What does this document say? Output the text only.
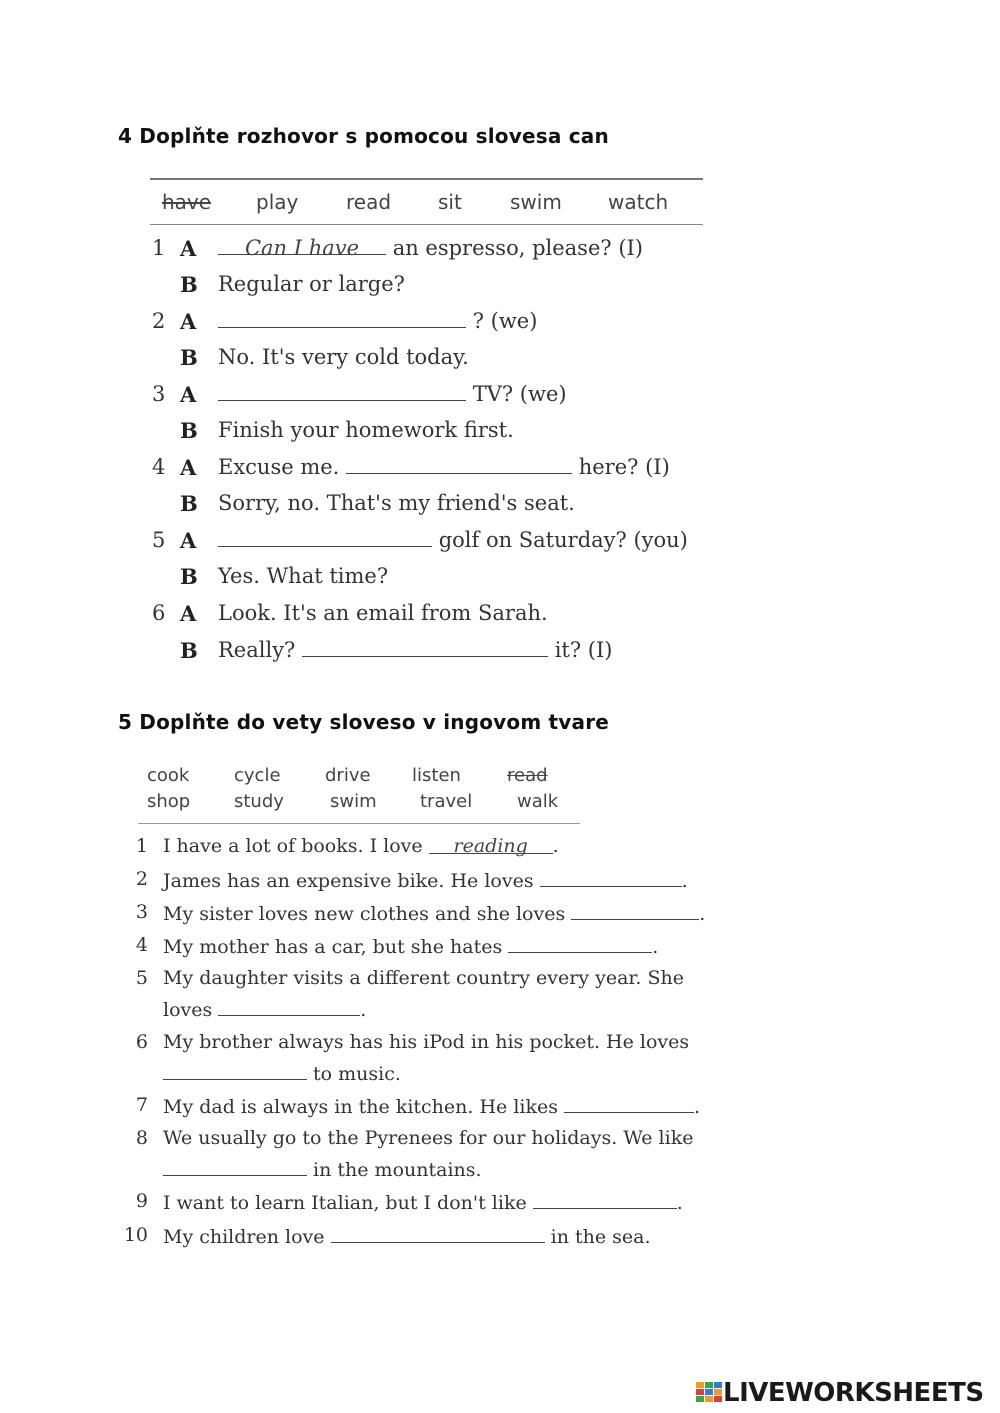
4 Doplňte rozhovor s pomocou slovesa can
have play read sit swim watch
1 A	Can I have an espresso, please? (I)
B Regular or large?
2 A	? (we)
B No. It's very cold today.
3 A	TV? (we)
B Finish your homework first.
4 A Excuse me.	here? (I)
B Sorry, no. That's my friend's seat.
5 A	golf on Saturday? (you)
B Yes. What time?
6 A Look. It's an email from Sarah.
B Really?	it? (I)
5 Doplňte do vety sloveso v ingovom tvare
cook cycle drive listen	read
shop study	swim travel walk
1 I have a lot of books. I love reading .
2 James has an expensive bike. He loves	.
3 My sister loves new clothes and she loves	.
4 My mother has a car, but she hates	.
5 My daughter visits a different country every year. She
loves	.
6 My brother always has his iPod in his pocket. He loves
to music.
7 My dad is always in the kitchen. He likes	.
8 We usually go to the Pyrenees for our holidays. We like
in the mountains.
9 I want to learn Italian, but I don't like	.
10 My children love	in the sea.
LIVEWORKSHEETS
